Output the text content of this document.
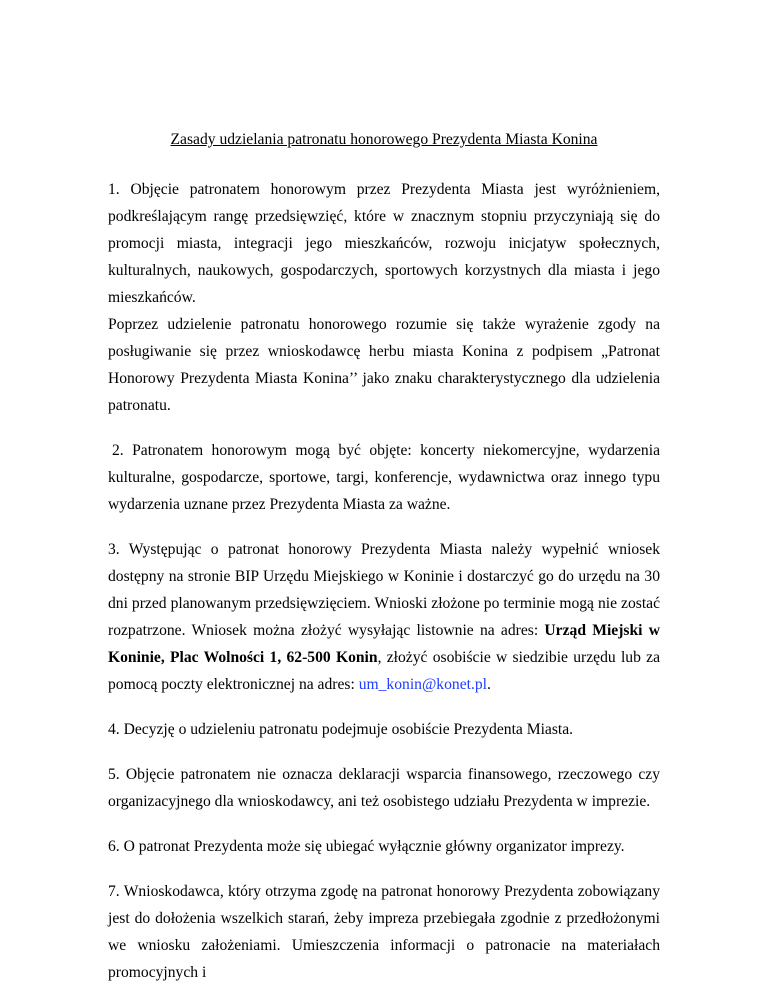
Zasady udzielania patronatu honorowego Prezydenta Miasta Konina

1. Objęcie patronatem honorowym przez Prezydenta Miasta jest wyróżnieniem, podkreślającym rangę przedsięwzięć, które w znacznym stopniu przyczyniają się do promocji miasta, integracji jego mieszkańców, rozwoju inicjatyw społecznych, kulturalnych, naukowych, gospodarczych, sportowych korzystnych dla miasta i jego mieszkańców.

Poprzez udzielenie patronatu honorowego rozumie się także wyrażenie zgody na posługiwanie się przez wnioskodawcę herbu miasta Konina z podpisem „Patronat Honorowy Prezydenta Miasta Konina’’ jako znaku charakterystycznego dla udzielenia patronatu.

2. Patronatem honorowym mogą być objęte: koncerty niekomercyjne, wydarzenia kulturalne, gospodarcze, sportowe, targi, konferencje, wydawnictwa oraz innego typu wydarzenia uznane przez Prezydenta Miasta za ważne.

3. Występując o patronat honorowy Prezydenta Miasta należy wypełnić wniosek dostępny na stronie BIP Urzędu Miejskiego w Koninie i dostarczyć go do urzędu na 30 dni przed planowanym przedsięwzięciem. Wnioski złożone po terminie mogą nie zostać rozpatrzone. Wniosek można złożyć wysyłając listownie na adres: Urząd Miejski w Koninie, Plac Wolności 1, 62-500 Konin, złożyć osobiście w siedzibie urzędu lub za pomocą poczty elektronicznej na adres: um_konin@konet.pl.

4. Decyzję o udzieleniu patronatu podejmuje osobiście Prezydenta Miasta.

5. Objęcie patronatem nie oznacza deklaracji wsparcia finansowego, rzeczowego czy organizacyjnego dla wnioskodawcy, ani też osobistego udziału Prezydenta w imprezie.

6. O patronat Prezydenta może się ubiegać wyłącznie główny organizator imprezy.

7. Wnioskodawca, który otrzyma zgodę na patronat honorowy Prezydenta zobowiązany jest do dołożenia wszelkich starań, żeby impreza przebiegała zgodnie z przedłożonymi we wniosku założeniami. Umieszczenia informacji o patronacie na materiałach promocyjnych i
